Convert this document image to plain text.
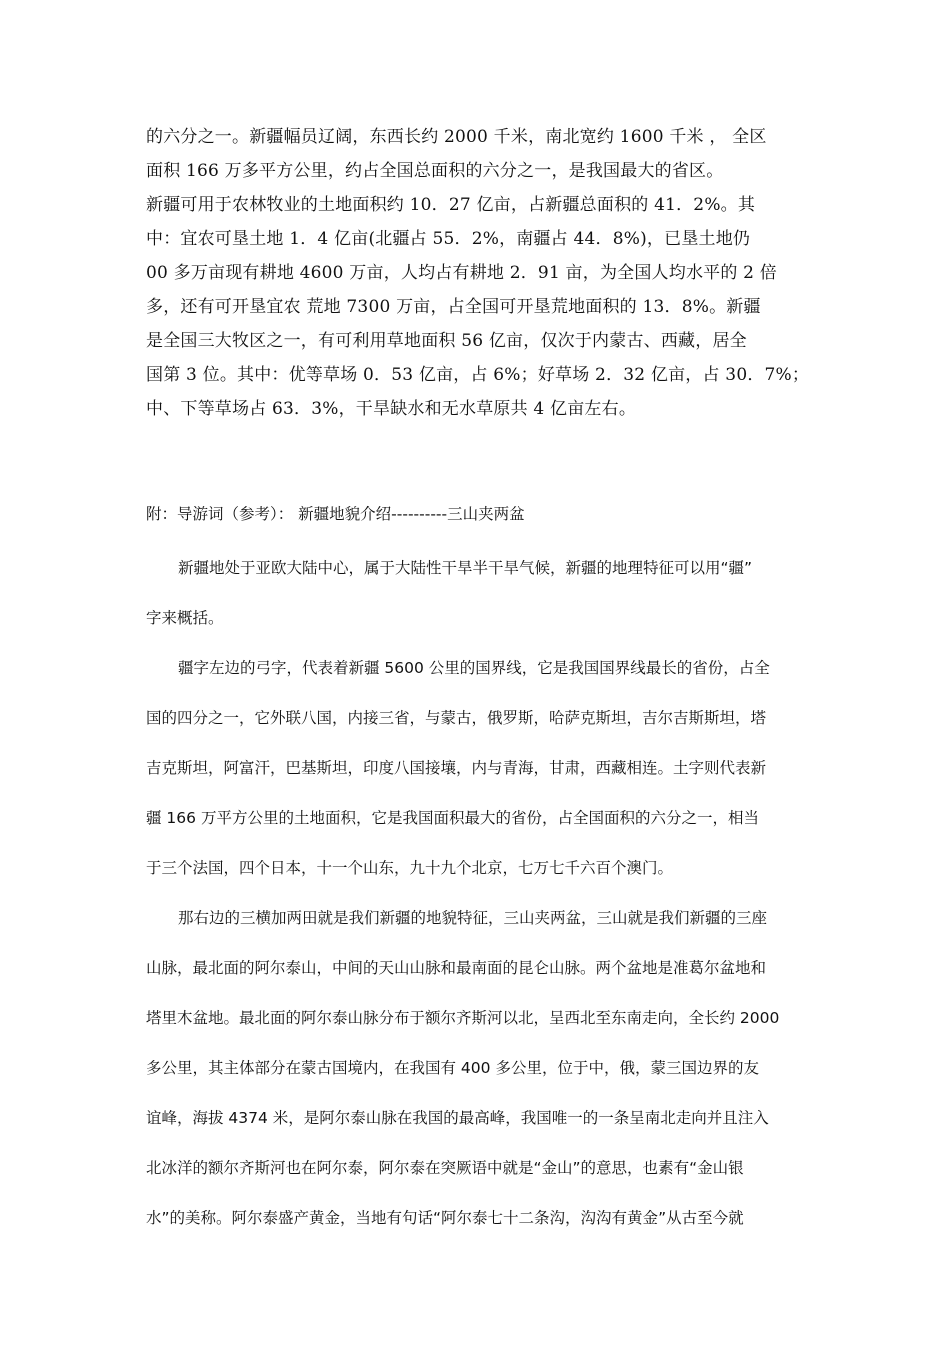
的六分之一。新疆幅员辽阔，东西长约 2000 千米，南北宽约 1600 千米 ， 全区
面积 166 万多平方公里，约占全国总面积的六分之一，是我国最大的省区。
新疆可用于农林牧业的土地面积约 10．27 亿亩，占新疆总面积的 41．2%。其
中：宜农可垦土地 1．4 亿亩(北疆占 55．2%，南疆占 44．8%)，已垦土地仍
00 多万亩现有耕地 4600 万亩，人均占有耕地 2．91 亩，为全国人均水平的 2 倍
多，还有可开垦宜农 荒地 7300 万亩，占全国可开垦荒地面积的 13．8%。新疆
是全国三大牧区之一，有可利用草地面积 56 亿亩，仅次于内蒙古、西藏，居全
国第 3 位。其中：优等草场 0．53 亿亩，占 6%；好草场 2．32 亿亩，占 30．7%；
中、下等草场占 63．3%，干旱缺水和无水草原共 4 亿亩左右。
附：导游词（参考）： 新疆地貌介绍----------三山夹两盆
新疆地处于亚欧大陆中心，属于大陆性干旱半干旱气候，新疆的地理特征可以用“疆”
字来概括。
疆字左边的弓字，代表着新疆 5600 公里的国界线，它是我国国界线最长的省份，占全
国的四分之一，它外联八国，内接三省，与蒙古，俄罗斯，哈萨克斯坦，吉尔吉斯斯坦，塔
吉克斯坦，阿富汗，巴基斯坦，印度八国接壤，内与青海，甘肃，西藏相连。土字则代表新
疆 166 万平方公里的土地面积，它是我国面积最大的省份，占全国面积的六分之一，相当
于三个法国，四个日本，十一个山东，九十九个北京，七万七千六百个澳门。
那右边的三横加两田就是我们新疆的地貌特征，三山夹两盆，三山就是我们新疆的三座
山脉，最北面的阿尔泰山，中间的天山山脉和最南面的昆仑山脉。两个盆地是准葛尔盆地和
塔里木盆地。最北面的阿尔泰山脉分布于额尔齐斯河以北，呈西北至东南走向，全长约 2000
多公里，其主体部分在蒙古国境内，在我国有 400 多公里，位于中，俄，蒙三国边界的友
谊峰，海拔 4374 米，是阿尔泰山脉在我国的最高峰，我国唯一的一条呈南北走向并且注入
北冰洋的额尔齐斯河也在阿尔泰，阿尔泰在突厥语中就是“金山”的意思，也素有“金山银
水”的美称。阿尔泰盛产黄金，当地有句话“阿尔泰七十二条沟，沟沟有黄金”从古至今就
